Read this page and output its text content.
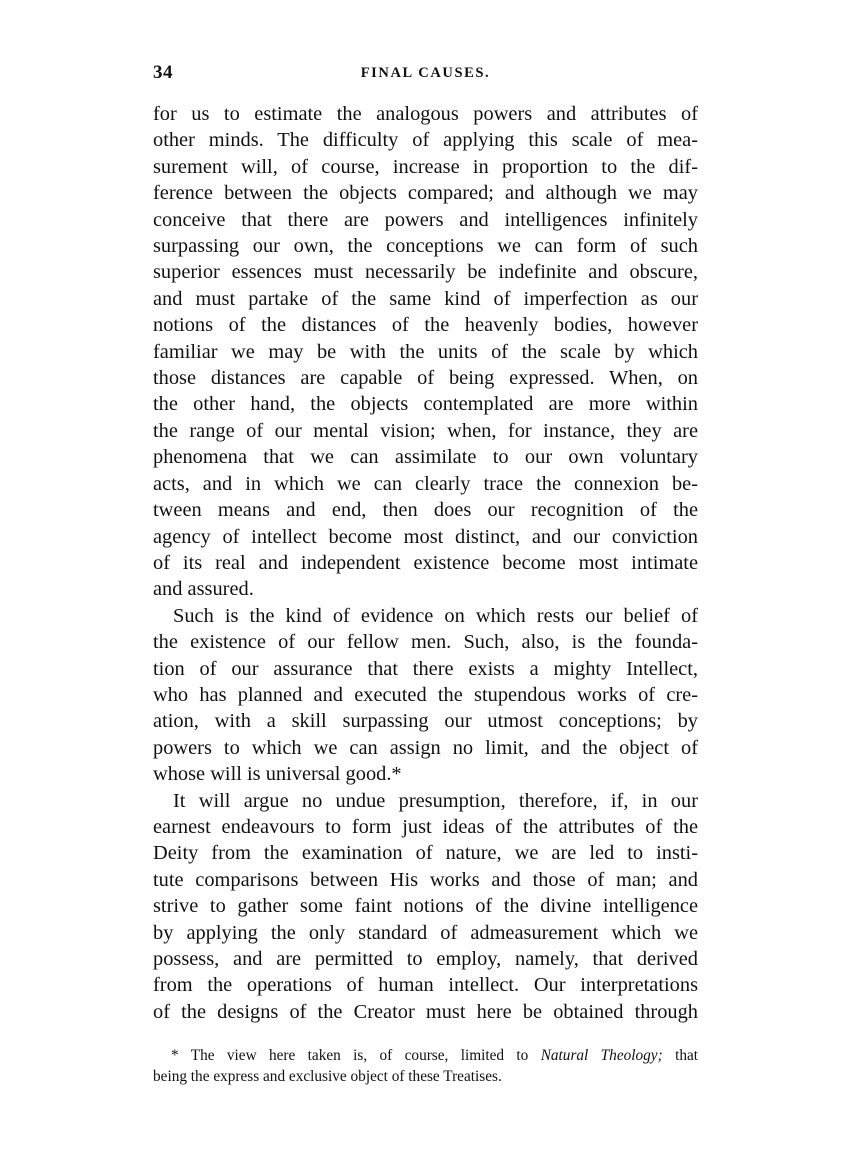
34	FINAL CAUSES.
for us to estimate the analogous powers and attributes of
other minds. The difficulty of applying this scale of mea-
surement will, of course, increase in proportion to the dif-
ference between the objects compared; and although we may
conceive that there are powers and intelligences infinitely
surpassing our own, the conceptions we can form of such
superior essences must necessarily be indefinite and obscure,
and must partake of the same kind of imperfection as our
notions of the distances of the heavenly bodies, however
familiar we may be with the units of the scale by which
those distances are capable of being expressed. When, on
the other hand, the objects contemplated are more within
the range of our mental vision; when, for instance, they are
phenomena that we can assimilate to our own voluntary
acts, and in which we can clearly trace the connexion be-
tween means and end, then does our recognition of the
agency of intellect become most distinct, and our conviction
of its real and independent existence become most intimate
and assured.
Such is the kind of evidence on which rests our belief of
the existence of our fellow men. Such, also, is the founda-
tion of our assurance that there exists a mighty Intellect,
who has planned and executed the stupendous works of cre-
ation, with a skill surpassing our utmost conceptions; by
powers to which we can assign no limit, and the object of
whose will is universal good.*
It will argue no undue presumption, therefore, if, in our
earnest endeavours to form just ideas of the attributes of the
Deity from the examination of nature, we are led to insti-
tute comparisons between His works and those of man; and
strive to gather some faint notions of the divine intelligence
by applying the only standard of admeasurement which we
possess, and are permitted to employ, namely, that derived
from the operations of human intellect. Our interpretations
of the designs of the Creator must here be obtained through
* The view here taken is, of course, limited to Natural Theology; that
being the express and exclusive object of these Treatises.
